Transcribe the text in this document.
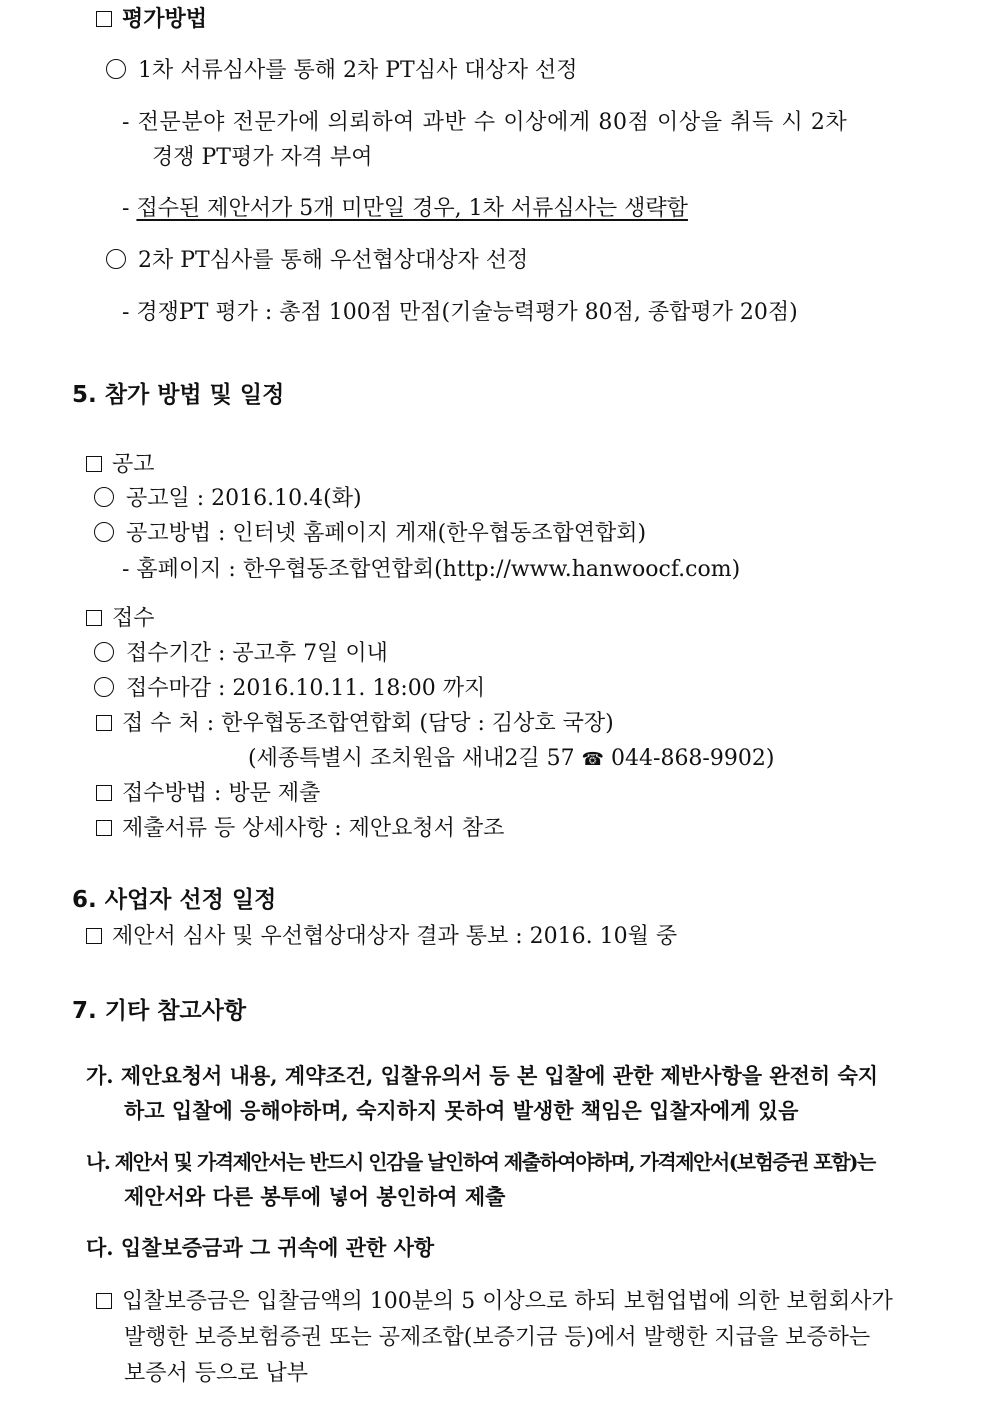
평가방법
1차 서류심사를 통해 2차 PT심사 대상자 선정
- 전문분야 전문가에 의뢰하여 과반 수 이상에게 80점 이상을 취득 시 2차
경쟁 PT평가 자격 부여
- 접수된 제안서가 5개 미만일 경우, 1차 서류심사는 생략함
2차 PT심사를 통해 우선협상대상자 선정
- 경쟁PT 평가 : 총점 100점 만점(기술능력평가 80점, 종합평가 20점)
5. 참가 방법 및 일정
공고
공고일 : 2016.10.4(화)
공고방법 : 인터넷 홈페이지 게재(한우협동조합연합회)
- 홈페이지 : 한우협동조합연합회(http://www.hanwoocf.com)
접수
접수기간 : 공고후 7일 이내
접수마감 : 2016.10.11. 18:00 까지
접 수 처 : 한우협동조합연합회 (담당 : 김상호 국장)
(세종특별시 조치원읍 새내2길 57 ☎ 044-868-9902)
접수방법 : 방문 제출
제출서류 등 상세사항 : 제안요청서 참조
6. 사업자 선정 일정
제안서 심사 및 우선협상대상자 결과 통보 : 2016. 10월 중
7. 기타 참고사항
가. 제안요청서 내용, 계약조건, 입찰유의서 등 본 입찰에 관한 제반사항을 완전히 숙지
하고 입찰에 응해야하며, 숙지하지 못하여 발생한 책임은 입찰자에게 있음
나. 제안서 및 가격제안서는 반드시 인감을 날인하여 제출하여야하며, 가격제안서(보험증권 포함)는
제안서와 다른 봉투에 넣어 봉인하여 제출
다. 입찰보증금과 그 귀속에 관한 사항
입찰보증금은 입찰금액의 100분의 5 이상으로 하되 보험업법에 의한 보험회사가
발행한 보증보험증권 또는 공제조합(보증기금 등)에서 발행한 지급을 보증하는
보증서 등으로 납부
